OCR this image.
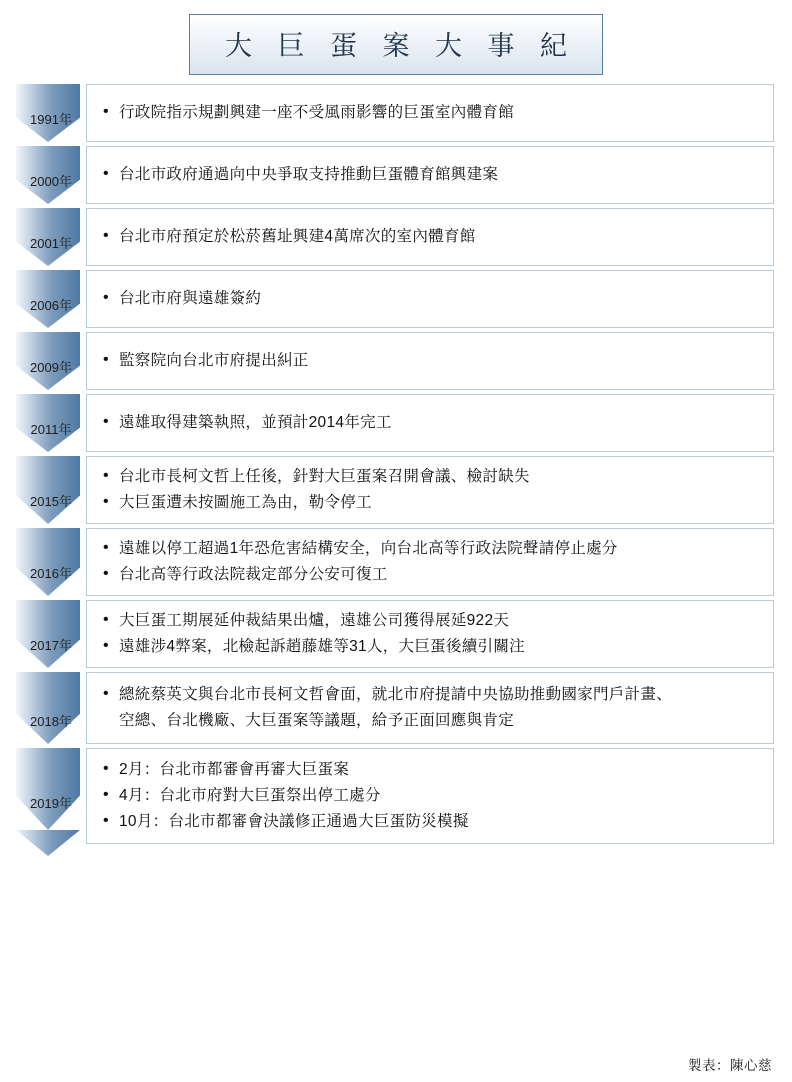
大 巨 蛋 案 大 事 紀
1991年	• 行政院指示規劃興建一座不受風雨影響的巨蛋室內體育館
2000年	• 台北市政府通過向中央爭取支持推動巨蛋體育館興建案
2001年	• 台北市府預定於松菸舊址興建4萬席次的室內體育館
2006年	• 台北市府與遠雄簽約
2009年	• 監察院向台北市府提出糾正
2011年	• 遠雄取得建築執照，並預計2014年完工
2015年
• 台北市長柯文哲上任後，針對大巨蛋案召開會議、檢討缺失
• 大巨蛋遭未按圖施工為由，勒令停工
2016年
• 遠雄以停工超過1年恐危害結構安全，向台北高等行政法院聲請停止處分
• 台北高等行政法院裁定部分公安可復工
2017年
• 大巨蛋工期展延仲裁結果出爐，遠雄公司獲得展延922天
• 遠雄涉4弊案，北檢起訴趙藤雄等31人，大巨蛋後續引關注
2018年
• 總統蔡英文與台北市長柯文哲會面，就北市府提請中央協助推動國家門戶計畫、
空總、台北機廠、大巨蛋案等議題，給予正面回應與肯定
2019年
• 2月：台北市都審會再審大巨蛋案
• 4月：台北市府對大巨蛋祭出停工處分
• 10月：台北市都審會決議修正通過大巨蛋防災模擬
製表：陳心慈
